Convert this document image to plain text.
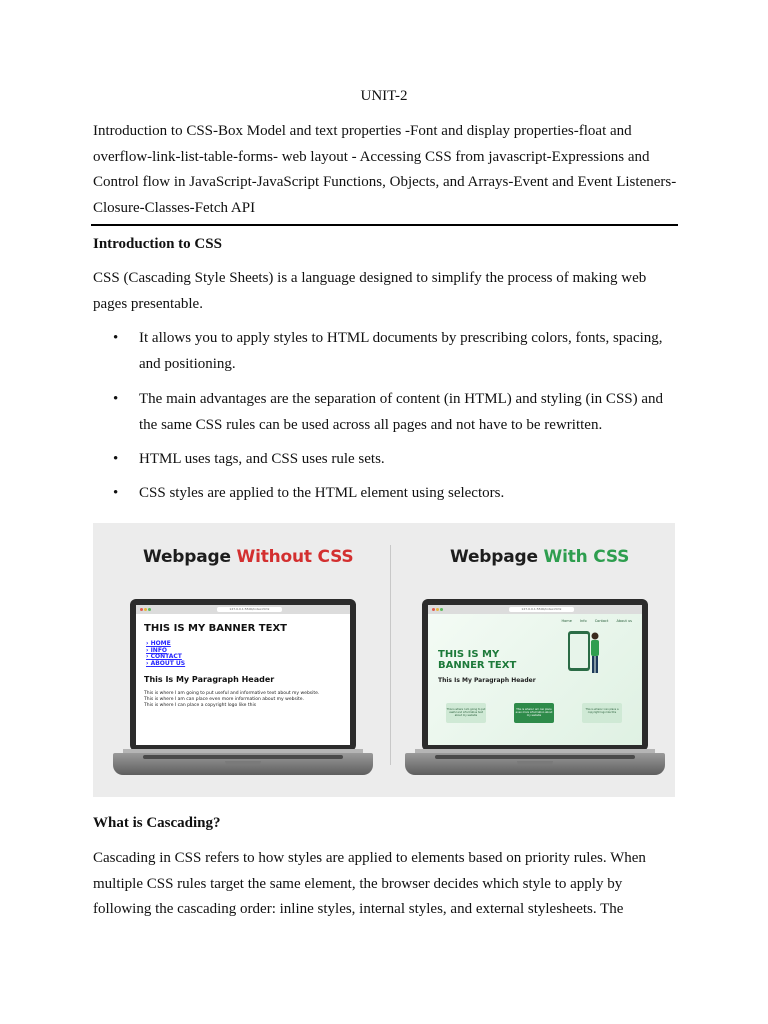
UNIT-2
Introduction to CSS-Box Model and text properties -Font and display properties-float and overflow-link-list-table-forms- web layout - Accessing CSS from javascript-Expressions and Control flow in JavaScript-JavaScript Functions, Objects, and Arrays-Event and Event Listeners-Closure-Classes-Fetch API
Introduction to CSS
CSS (Cascading Style Sheets) is a language designed to simplify the process of making web pages presentable.
•	It allows you to apply styles to HTML documents by prescribing colors, fonts, spacing, and positioning.
•	The main advantages are the separation of content (in HTML) and styling (in CSS) and the same CSS rules can be used across all pages and not have to be rewritten.
•	HTML uses tags, and CSS uses rule sets.
•	CSS styles are applied to the HTML element using selectors.
Webpage Without CSS	Webpage With CSS
127.0.0.1:5500/index.html
THIS IS MY BANNER TEXT
› HOME
› INFO
› CONTACT
› ABOUT US
This Is My Paragraph Header
This is where I am going to put useful and informative text about my website.
This is where I am can place even more information about my website.
This is where I can place a copyright logo like this
127.0.0.1:5500/index.html
Home Info Contact About us
THIS IS MY BANNER TEXT
This Is My Paragraph Header
This is where I am going to put useful and informative text about my website
This is where I am can place even more information about my website
This is where I can place a copyright logo like this
What is Cascading?
Cascading in CSS refers to how styles are applied to elements based on priority rules. When multiple CSS rules target the same element, the browser decides which style to apply by following the cascading order: inline styles, internal styles, and external stylesheets. The
